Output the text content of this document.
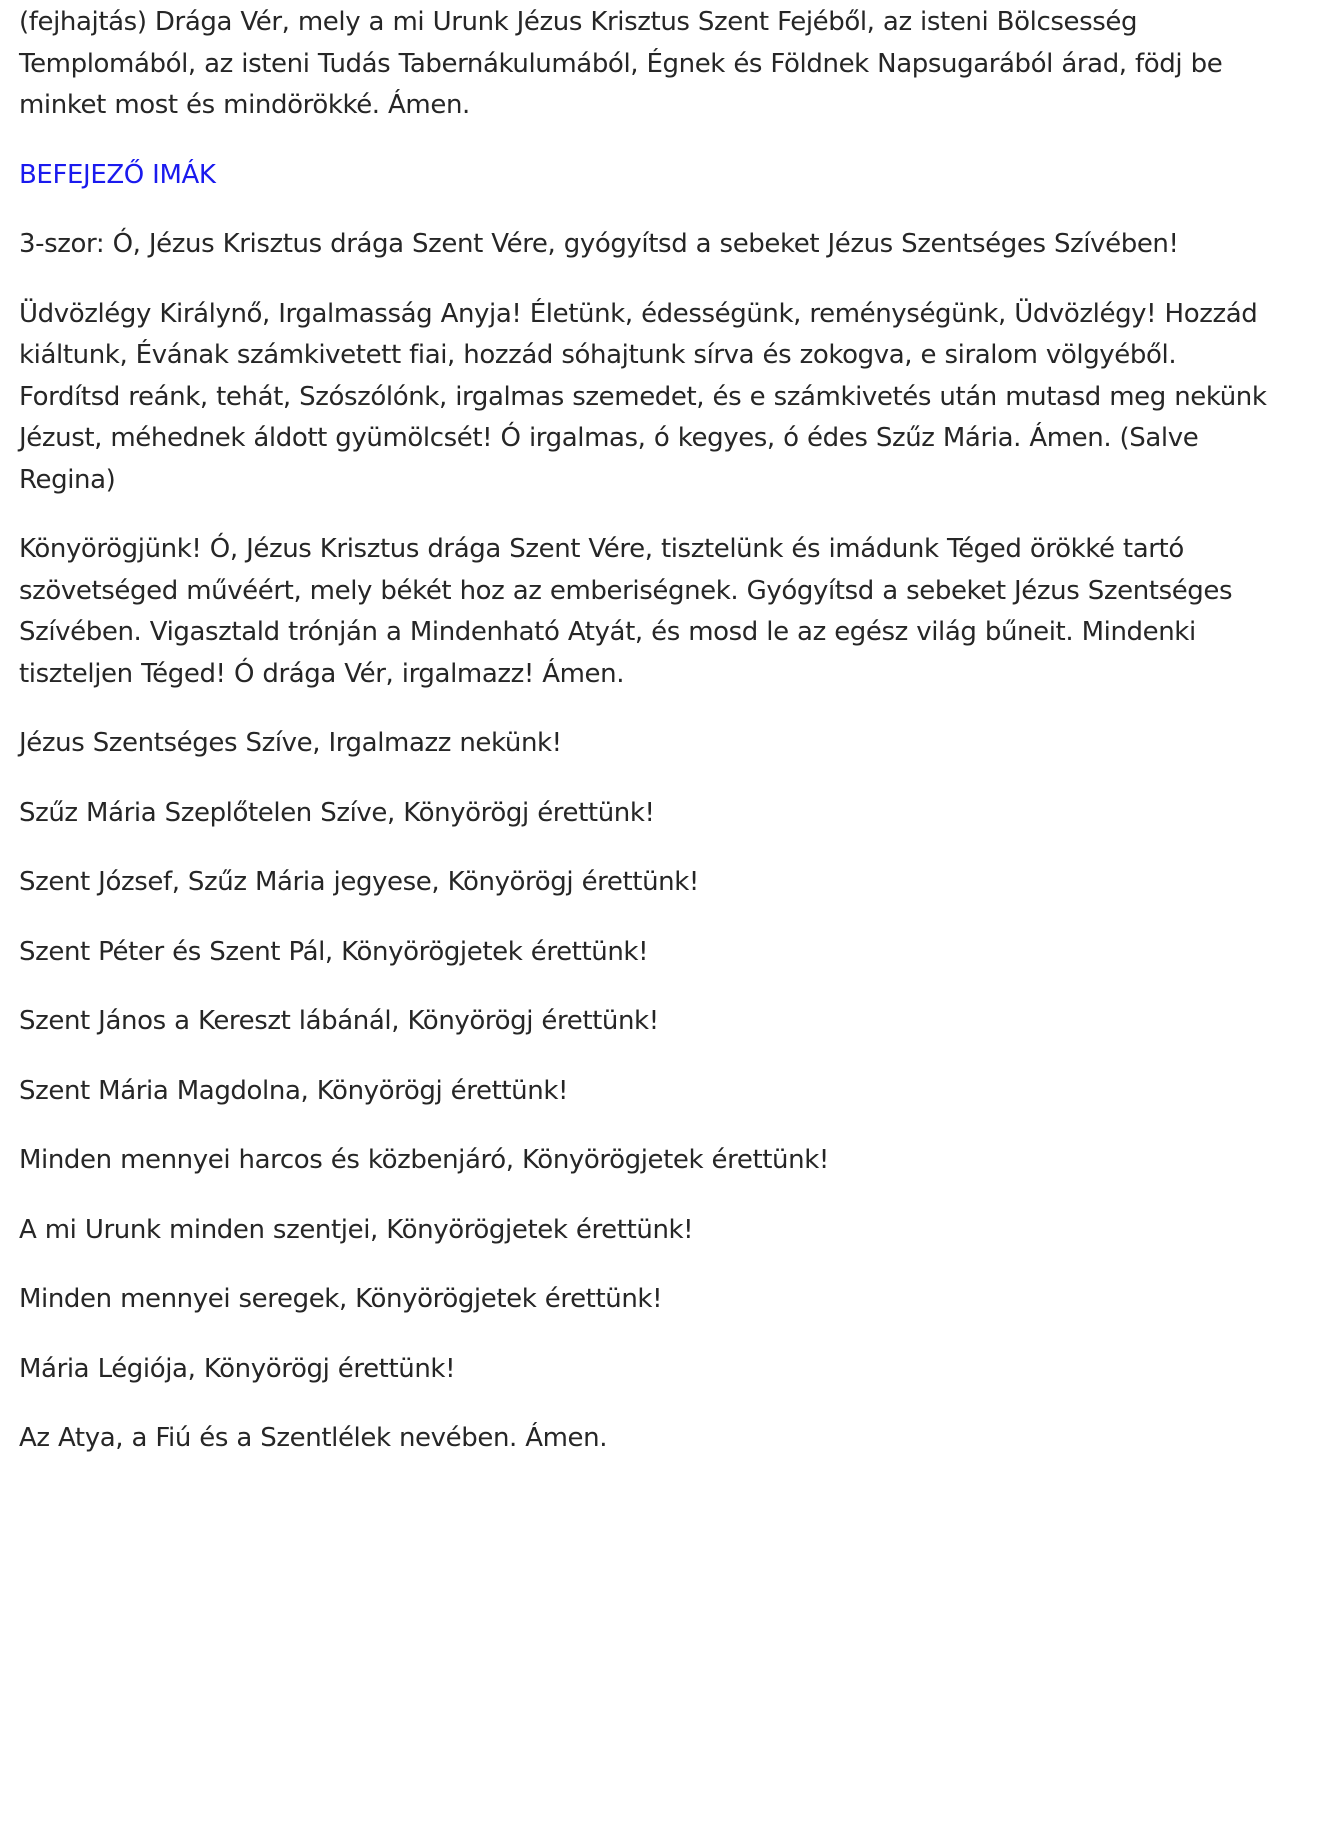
(fejhajtás) Drága Vér, mely a mi Urunk Jézus Krisztus Szent Fejéből, az isteni Bölcsesség Templomából, az isteni Tudás Tabernákulumából, Égnek és Földnek Napsugarából árad, födj be minket most és mindörökké. Ámen.

BEFEJEZŐ IMÁK

3-szor: Ó, Jézus Krisztus drága Szent Vére, gyógyítsd a sebeket Jézus Szentséges Szívében!

Üdvözlégy Királynő, Irgalmasság Anyja! Életünk, édességünk, reménységünk, Üdvözlégy! Hozzád kiáltunk, Évának számkivetett fiai, hozzád sóhajtunk sírva és zokogva, e siralom völgyéből. Fordítsd reánk, tehát, Szószólónk, irgalmas szemedet, és e számkivetés után mutasd meg nekünk Jézust, méhednek áldott gyümölcsét! Ó irgalmas, ó kegyes, ó édes Szűz Mária. Ámen. (Salve Regina)

Könyörögjünk! Ó, Jézus Krisztus drága Szent Vére, tisztelünk és imádunk Téged örökké tartó szövetséged művéért, mely békét hoz az emberiségnek. Gyógyítsd a sebeket Jézus Szentséges Szívében. Vigasztald trónján a Mindenható Atyát, és mosd le az egész világ bűneit. Mindenki tiszteljen Téged! Ó drága Vér, irgalmazz! Ámen.

Jézus Szentséges Szíve, Irgalmazz nekünk!

Szűz Mária Szeplőtelen Szíve, Könyörögj érettünk!

Szent József, Szűz Mária jegyese, Könyörögj érettünk!

Szent Péter és Szent Pál, Könyörögjetek érettünk!

Szent János a Kereszt lábánál, Könyörögj érettünk!

Szent Mária Magdolna, Könyörögj érettünk!

Minden mennyei harcos és közbenjáró, Könyörögjetek érettünk!

A mi Urunk minden szentjei, Könyörögjetek érettünk!

Minden mennyei seregek, Könyörögjetek érettünk!

Mária Légiója, Könyörögj érettünk!

Az Atya, a Fiú és a Szentlélek nevében. Ámen.
